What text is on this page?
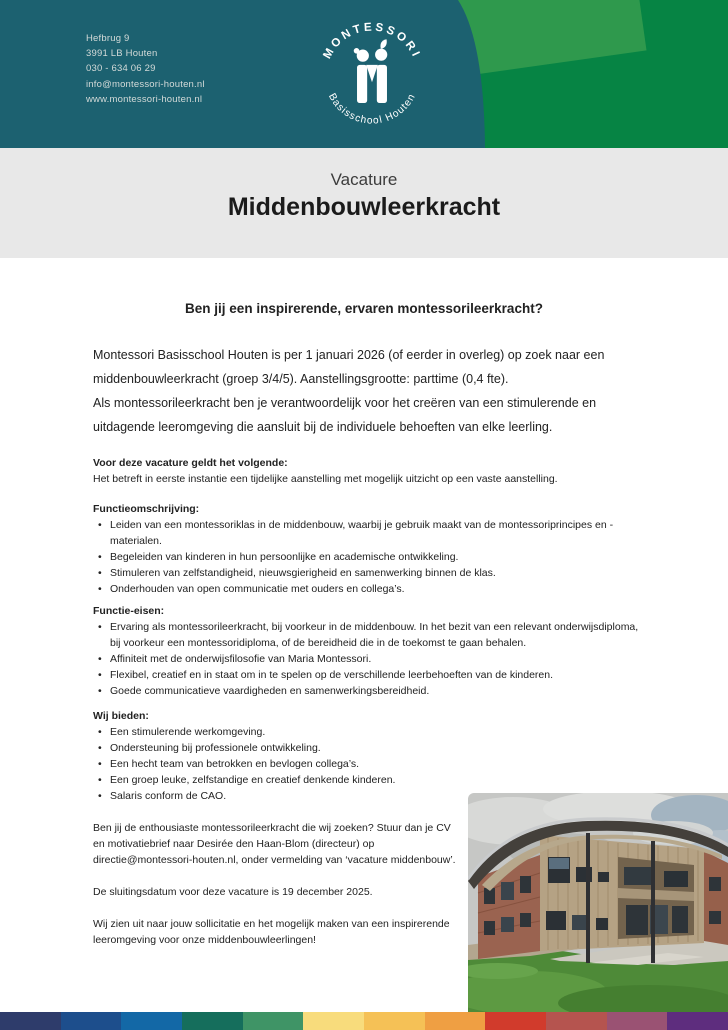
Hefbrug 9
3991 LB Houten
030 - 634 06 29
info@montessori-houten.nl
www.montessori-houten.nl
MONTESSORI
Basisschool Houten
Vacature
Middenbouwleerkracht
Ben jij een inspirerende, ervaren montessorileerkracht?
Montessori Basisschool Houten is per 1 januari 2026 (of eerder in overleg) op zoek naar een middenbouwleerkracht (groep 3/4/5). Aanstellingsgrootte: parttime (0,4 fte).
Als montessorileerkracht ben je verantwoordelijk voor het creëren van een stimulerende en uitdagende leeromgeving die aansluit bij de individuele behoeften van elke leerling.
Voor deze vacature geldt het volgende:
Het betreft in eerste instantie een tijdelijke aanstelling met mogelijk uitzicht op een vaste aanstelling.
Functieomschrijving:
• Leiden van een montessoriklas in de middenbouw, waarbij je gebruik maakt van de montessoriprincipes en -materialen.
• Begeleiden van kinderen in hun persoonlijke en academische ontwikkeling.
• Stimuleren van zelfstandigheid, nieuwsgierigheid en samenwerking binnen de klas.
• Onderhouden van open communicatie met ouders en collega’s.
Functie-eisen:
• Ervaring als montessorileerkracht, bij voorkeur in de middenbouw. In het bezit van een relevant onderwijsdiploma, bij voorkeur een montessoridiploma, of de bereidheid die in de toekomst te gaan behalen.
• Affiniteit met de onderwijsfilosofie van Maria Montessori.
• Flexibel, creatief en in staat om in te spelen op de verschillende leerbehoeften van de kinderen.
• Goede communicatieve vaardigheden en samenwerkingsbereidheid.
Wij bieden:
• Een stimulerende werkomgeving.
• Ondersteuning bij professionele ontwikkeling.
• Een hecht team van betrokken en bevlogen collega’s.
• Een groep leuke, zelfstandige en creatief denkende kinderen.
• Salaris conform de CAO.

Ben jij de enthousiaste montessorileerkracht die wij zoeken? Stuur dan je CV en motivatiebrief naar Desirée den Haan-Blom (directeur) op directie@montessori-houten.nl, onder vermelding van ‘vacature middenbouw’.

De sluitingsdatum voor deze vacature is 19 december 2025.

Wij zien uit naar jouw sollicitatie en het mogelijk maken van een inspirerende leeromgeving voor onze middenbouwleerlingen!
